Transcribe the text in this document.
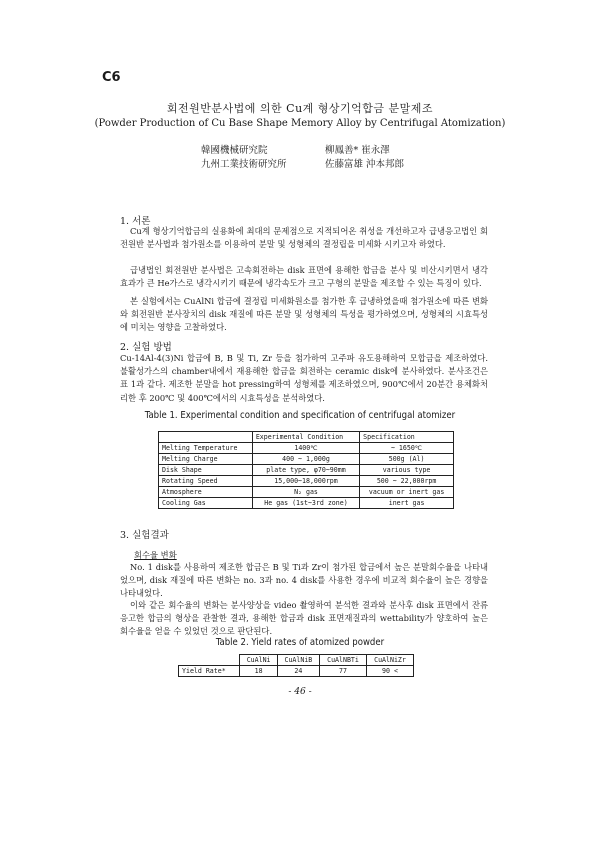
C6
회전원반분사법에 의한 Cu계 형상기억합금 분말제조
(Powder Production of Cu Base Shape Memory Alloy by Centrifugal Atomization)
韓國機械研究院	柳鳳善* 崔永澤
九州工業技術研究所	佐藤富雄 沖本邦郎
1. 서론
Cu계 형상기억합금의 실용화에 최대의 문제점으로 지적되어온 취성을 개선하고자 급냉응고법인 회전원반 분사법과 첨가원소를 이용하여 분말 및 성형체의 결정립을 미세화 시키고자 하였다.
급냉법인 회전원반 분사법은 고속회전하는 disk 표면에 용해한 합금을 분사 및 비산시키면서 냉각효과가 큰 He가스로 냉각시키기 때문에 냉각속도가 크고 구형의 분말을 제조할 수 있는 특징이 있다.
본 실험에서는 CuAlNi 합금에 결정립 미세화원소를 첨가한 후 급냉하였을때 첨가원소에 따른 변화와 회전원반 분사장치의 disk 재질에 따른 분말 및 성형체의 특성을 평가하였으며, 성형체의 시효특성에 미치는 영향을 고찰하였다.
2. 실험 방법
Cu-14Al-4(3)Ni 합금에 B, B 및 Ti, Zr 등을 첨가하여 고주파 유도용해하여 모합금을 제조하였다. 불활성가스의 chamber내에서 재용해한 합금을 회전하는 ceramic disk에 분사하였다. 분사조건은 표 1과 같다. 제조한 분말을 hot pressing하여 성형체를 제조하였으며, 900℃에서 20분간 용체화처리한 후 200℃ 및 400℃에서의 시효특성을 분석하였다.
Table 1. Experimental condition and specification of centrifugal atomizer
	Experimental Condition	Specification
Melting Temperature	1400℃	~ 1650℃
Melting Charge	400 ~ 1,000g	500g (Al)
Disk Shape	plate type, φ70~90mm	various type
Rotating Speed	15,000~18,000rpm	500 ~ 22,000rpm
Atmosphere	N₂ gas	vacuum or inert gas
Cooling Gas	He gas (1st~3rd zone)	inert gas
3. 실험결과
회수율 변화
No. 1 disk를 사용하여 제조한 합금은 B 및 Ti과 Zr이 첨가된 합금에서 높은 분말회수율을 나타내었으며, disk 재질에 따른 변화는 no. 3과 no. 4 disk를 사용한 경우에 비교적 회수율이 높은 경향을 나타내었다.
이와 같은 회수율의 변화는 분사양상을 video 촬영하여 분석한 결과와 분사후 disk 표면에서 잔류응고한 합금의 형상을 관찰한 결과, 용해한 합금과 disk 표면재질과의 wettability가 양호하여 높은 회수율을 얻을 수 있었던 것으로 판단된다.
Table 2. Yield rates of atomized powder
	CuAlNi	CuAlNiB	CuAlNBTi	CuAlNiZr
Yield Rate*	18	24	77	90 <
- 46 -
